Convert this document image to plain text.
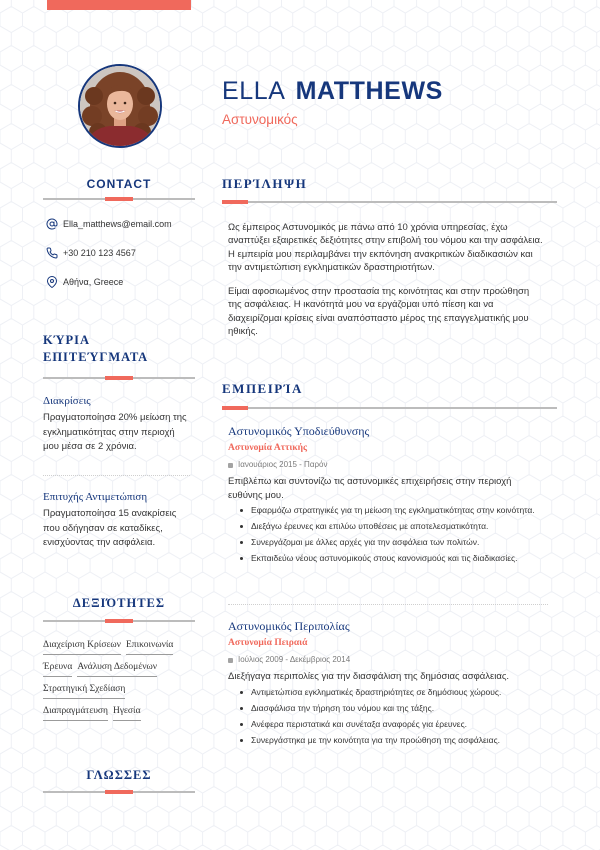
ELLA MATTHEWS
Αστυνομικός
CONTACT
Ella_matthews@email.com
+30 210 123 4567
Αθήνα, Greece
ΚΎΡΙΑ ΕΠΙΤΕΎΓΜΑΤΑ
Διακρίσεις
Πραγματοποίησα 20% μείωση της εγκληματικότητας στην περιοχή μου μέσα σε 2 χρόνια.
Επιτυχής Αντιμετώπιση
Πραγματοποίησα 15 ανακρίσεις που οδήγησαν σε καταδίκες, ενισχύοντας την ασφάλεια.
ΔΕΞΙΌΤΗΤΕΣ
Διαχείριση Κρίσεων Επικοινωνία
Έρευνα Ανάλυση Δεδομένων
Στρατηγική Σχεδίαση
Διαπραγμάτευση Ηγεσία
ΓΛΩΣΣΕΣ
ΠΕΡΊΛΗΨΗ

Ως έμπειρος Αστυνομικός με πάνω από 10 χρόνια υπηρεσίας, έχω αναπτύξει εξαιρετικές δεξιότητες στην επιβολή του νόμου και την ασφάλεια. Η εμπειρία μου περιλαμβάνει την εκπόνηση ανακριτικών διαδικασιών και την αντιμετώπιση εγκληματικών δραστηριοτήτων.

Είμαι αφοσιωμένος στην προστασία της κοινότητας και στην προώθηση της ασφάλειας. Η ικανότητά μου να εργάζομαι υπό πίεση και να διαχειρίζομαι κρίσεις είναι αναπόσπαστο μέρος της επαγγελματικής μου ηθικής.

ΕΜΠΕΙΡΊΑ
Αστυνομικός Υποδιεύθυνσης
Αστυνομία Αττικής
Ιανουάριος 2015 - Παρόν
Επιβλέπω και συντονίζω τις αστυνομικές επιχειρήσεις στην περιοχή ευθύνης μου.
Εφαρμόζω στρατηγικές για τη μείωση της εγκληματικότητας στην κοινότητα.
Διεξάγω έρευνες και επιλύω υποθέσεις με αποτελεσματικότητα.
Συνεργάζομαι με άλλες αρχές για την ασφάλεια των πολιτών.
Εκπαιδεύω νέους αστυνομικούς στους κανονισμούς και τις διαδικασίες.
Αστυνομικός Περιπολίας
Αστυνομία Πειραιά
Ιούλιος 2009 - Δεκέμβριος 2014
Διεξήγαγα περιπολίες για την διασφάλιση της δημόσιας ασφάλειας.
Αντιμετώπισα εγκληματικές δραστηριότητες σε δημόσιους χώρους.
Διασφάλισα την τήρηση του νόμου και της τάξης.
Ανέφερα περιστατικά και συνέταξα αναφορές για έρευνες.
Συνεργάστηκα με την κοινότητα για την προώθηση της ασφάλειας.
